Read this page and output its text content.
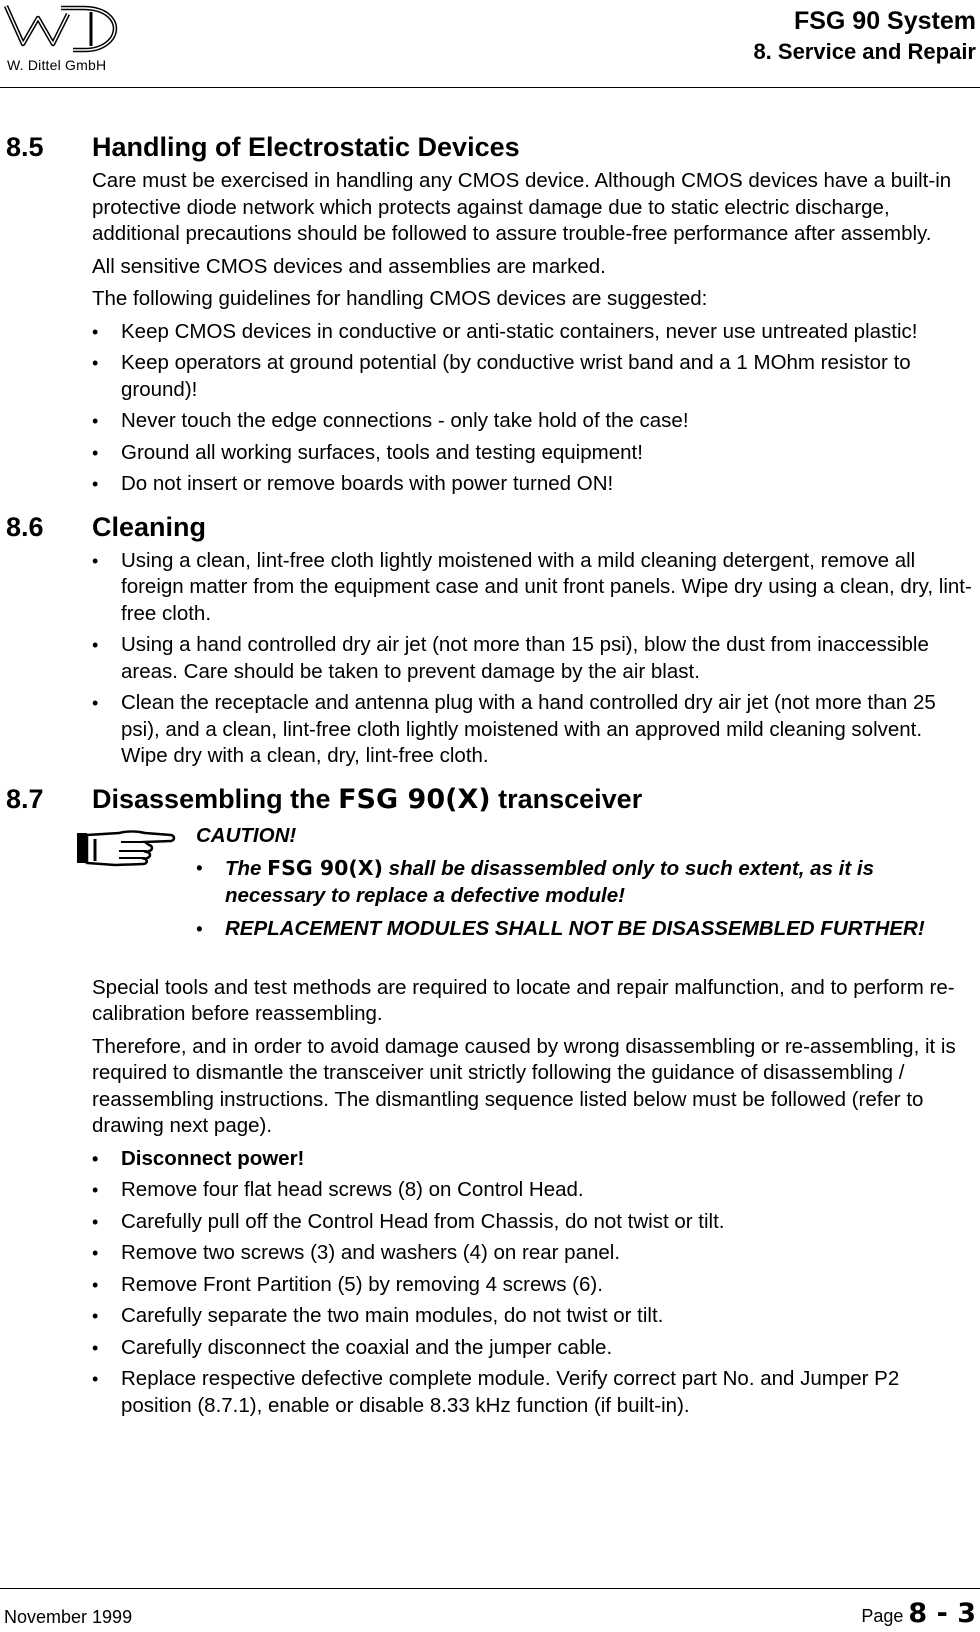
W. Dittel GmbH
FSG 90 System
8. Service and Repair
8.5 Handling of Electrostatic Devices

Care must be exercised in handling any CMOS device. Although CMOS devices have a built-in protective diode network which protects against damage due to static electric discharge, additional precautions should be followed to assure trouble-free performance after assembly.

All sensitive CMOS devices and assemblies are marked.

The following guidelines for handling CMOS devices are suggested:

• Keep CMOS devices in conductive or anti-static containers, never use untreated plastic!
• Keep operators at ground potential (by conductive wrist band and a 1 MOhm resistor to ground)!
• Never touch the edge connections - only take hold of the case!
• Ground all working surfaces, tools and testing equipment!
• Do not insert or remove boards with power turned ON!
8.6 Cleaning
• Using a clean, lint-free cloth lightly moistened with a mild cleaning detergent, remove all foreign matter from the equipment case and unit front panels. Wipe dry using a clean, dry, lint-free cloth.
• Using a hand controlled dry air jet (not more than 15 psi), blow the dust from inaccessible areas. Care should be taken to prevent damage by the air blast.
• Clean the receptacle and antenna plug with a hand controlled dry air jet (not more than 25 psi), and a clean, lint-free cloth lightly moistened with an approved mild cleaning solvent. Wipe dry with a clean, dry, lint-free cloth.
8.7 Disassembling the FSG 90(X) transceiver
CAUTION!
• The FSG 90(X) shall be disassembled only to such extent, as it is necessary to replace a defective module!
• REPLACEMENT MODULES SHALL NOT BE DISASSEMBLED FURTHER!

Special tools and test methods are required to locate and repair malfunction, and to perform re-calibration before reassembling.

Therefore, and in order to avoid damage caused by wrong disassembling or re-assembling, it is required to dismantle the transceiver unit strictly following the guidance of disassembling / reassembling instructions. The dismantling sequence listed below must be followed (refer to drawing next page).

• Disconnect power!
• Remove four flat head screws (8) on Control Head.
• Carefully pull off the Control Head from Chassis, do not twist or tilt.
• Remove two screws (3) and washers (4) on rear panel.
• Remove Front Partition (5) by removing 4 screws (6).
• Carefully separate the two main modules, do not twist or tilt.
• Carefully disconnect the coaxial and the jumper cable.
• Replace respective defective complete module. Verify correct part No. and Jumper P2 position (8.7.1), enable or disable 8.33 kHz function (if built-in).
November 1999	Page 8 - 3
